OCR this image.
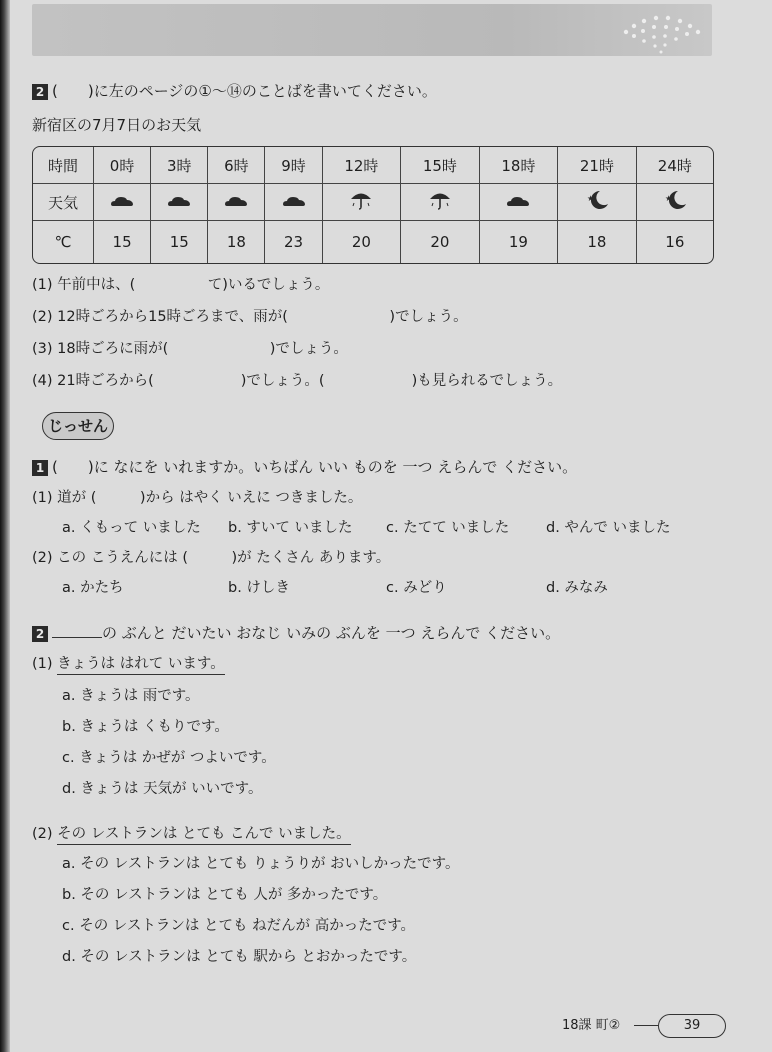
2 (　　)に左のページの①～⑭のことばを書いてください。
新宿区の7月7日のお天気
時間	0時	3時	6時	9時	12時	15時	18時	21時	24時
天気								★	★

℃	15	15	18	23	20	20	19	18	16
(1) 午前中は、(　　　　　て)いるでしょう。
(2) 12時ごろから15時ごろまで、雨が(　　　　　　　)でしょう。
(3) 18時ごろに雨が(　　　　　　　)でしょう。
(4) 21時ごろから(　　　　　　)でしょう。(　　　　　　)も見られるでしょう。
じっせん
1 (　　)に なにを いれますか。いちばん いい ものを 一つ えらんで ください。
(1) 道が (　　　)から はやく いえに つきました。
a. くもって いました b. すいて いました c. たてて いました	d. やんで いました
(2) この こうえんには (　　　)が たくさん あります。
a. かたち	b. けしき	c. みどり	d. みなみ
2	の ぶんと だいたい おなじ いみの ぶんを 一つ えらんで ください。
(1) きょうは はれて います。
a. きょうは 雨です。
b. きょうは くもりです。
c. きょうは かぜが つよいです。
d. きょうは 天気が いいです。
(2) その レストランは とても こんで いました。
a. その レストランは とても りょうりが おいしかったです。
b. その レストランは とても 人が 多かったです。
c. その レストランは とても ねだんが 高かったです。
d. その レストランは とても 駅から とおかったです。
18課 町②	39
